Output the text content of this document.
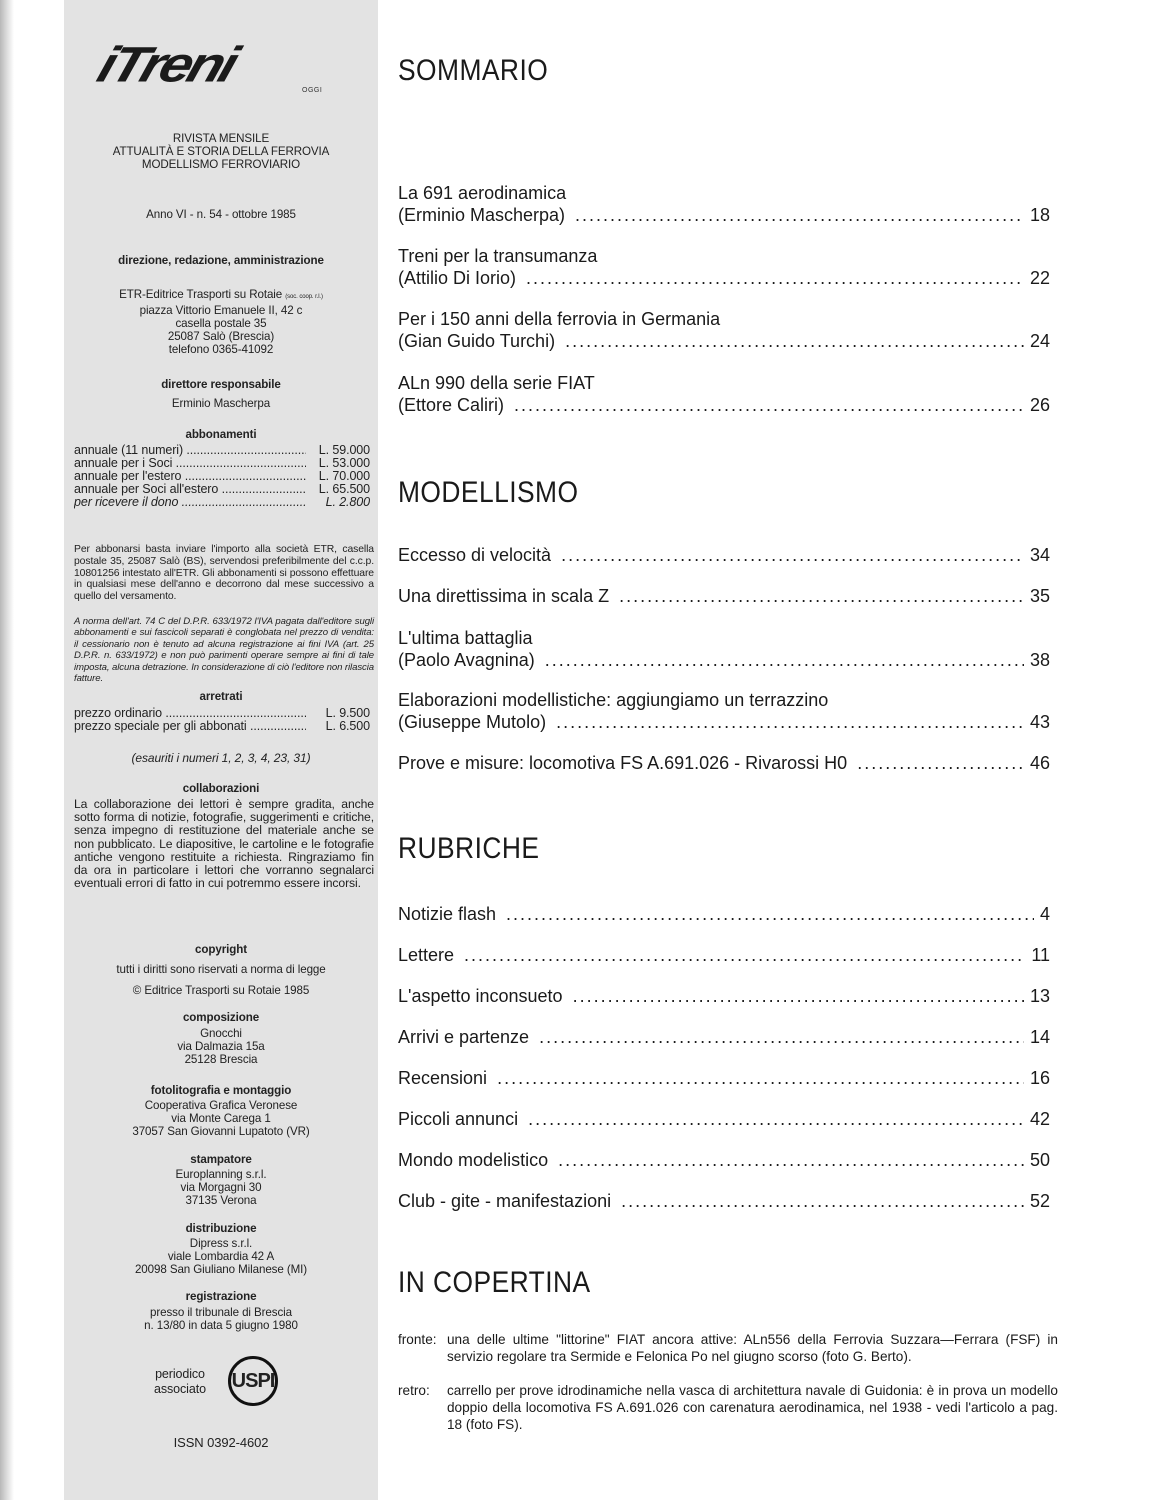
iTreni	OGGI
RIVISTA MENSILE
ATTUALITÀ E STORIA DELLA FERROVIA
MODELLISMO FERROVIARIO
Anno VI - n. 54 - ottobre 1985
direzione, redazione, amministrazione
ETR-Editrice Trasporti su Rotaie (soc. coop. r.l.)
piazza Vittorio Emanuele II, 42 c
casella postale 35
25087 Salò (Brescia)
telefono 0365-41092
direttore responsabile
Erminio Mascherpa
abbonamenti
annuale (11 numeri) .....	L. 59.000
annuale per i Soci .....	L. 53.000
annuale per l'estero .....	L. 70.000
annuale per Soci all'estero .....	L. 65.500
per ricevere il dono .....	L. 2.800
Per abbonarsi basta inviare l'importo alla società ETR, casella postale 35, 25087 Salò (BS), servendosi preferibilmente del c.c.p. 10801256 intestato all'ETR. Gli abbonamenti si possono effettuare in qualsiasi mese dell'anno e decorrono dal mese successivo a quello del versamento.
A norma dell'art. 74 C del D.P.R. 633/1972 l'IVA pagata dall'editore sugli abbonamenti e sui fascicoli separati è conglobata nel prezzo di vendita: il cessionario non è tenuto ad alcuna registrazione ai fini IVA (art. 25 D.P.R. n. 633/1972) e non può parimenti operare sempre ai fini di tale imposta, alcuna detrazione. In considerazione di ciò l'editore non rilascia fatture.
arretrati
prezzo ordinario .....	L. 9.500
prezzo speciale per gli abbonati .....	L. 6.500
(esauriti i numeri 1, 2, 3, 4, 23, 31)
collaborazioni
La collaborazione dei lettori è sempre gradita, anche sotto forma di notizie, fotografie, suggerimenti e critiche, senza impegno di restituzione del materiale anche se non pubblicato. Le diapositive, le cartoline e le fotografie antiche vengono restituite a richiesta. Ringraziamo fin da ora in particolare i lettori che vorranno segnalarci eventuali errori di fatto in cui potremmo essere incorsi.
copyright
tutti i diritti sono riservati a norma di legge
© Editrice Trasporti su Rotaie 1985
composizione
Gnocchi
via Dalmazia 15a
25128 Brescia
fotolitografia e montaggio
Cooperativa Grafica Veronese
via Monte Carega 1
37057 San Giovanni Lupatoto (VR)
stampatore
Europlanning s.r.l.
via Morgagni 30
37135 Verona
distribuzione
Dipress s.r.l.
viale Lombardia 42 A
20098 San Giuliano Milanese (MI)
registrazione
presso il tribunale di Brescia
n. 13/80 in data 5 giugno 1980
periodico
associato	USPI
ISSN 0392-4602
SOMMARIO
La 691 aerodinamica
(Erminio Mascherpa) .....	18
Treni per la transumanza
(Attilio Di Iorio) .....	22
Per i 150 anni della ferrovia in Germania
(Gian Guido Turchi) .....	24
ALn 990 della serie FIAT
(Ettore Caliri) .....	26
MODELLISMO
Eccesso di velocità .....	34
Una direttissima in scala Z .....	35
L'ultima battaglia
(Paolo Avagnina) .....	38
Elaborazioni modellistiche: aggiungiamo un terrazzino
(Giuseppe Mutolo) .....	43
Prove e misure: locomotiva FS A.691.026 - Rivarossi H0 .....	46
RUBRICHE
Notizie flash .....	4
Lettere .....	11
L'aspetto inconsueto .....	13
Arrivi e partenze .....	14
Recensioni .....	16
Piccoli annunci .....	42
Mondo modelistico .....	50
Club - gite - manifestazioni .....	52
IN COPERTINA
fronte: una delle ultime "littorine" FIAT ancora attive: ALn556 della Ferrovia Suzzara—Ferrara (FSF) in servizio regolare tra Sermide e Felonica Po nel giugno scorso (foto G. Berto).
retro: carrello per prove idrodinamiche nella vasca di architettura navale di Guidonia: è in prova un modello doppio della locomotiva FS A.691.026 con carenatura aerodinamica, nel 1938 - vedi l'articolo a pag. 18 (foto FS).
